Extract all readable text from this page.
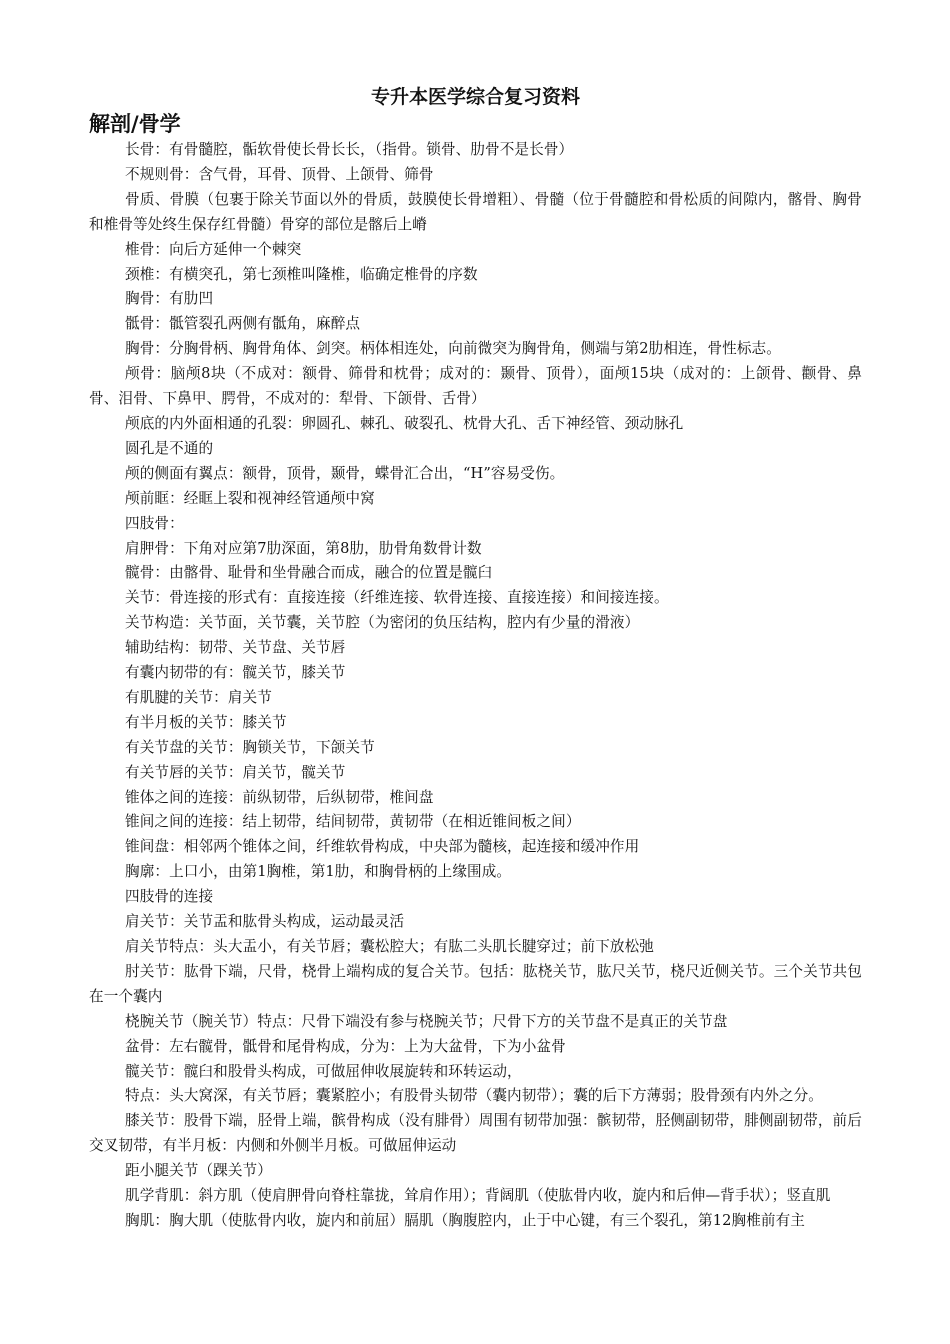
专升本医学综合复习资料
解剖/骨学

长骨：有骨髓腔，骺软骨使长骨长长，（指骨。锁骨、肋骨不是长骨）

不规则骨：含气骨，耳骨、顶骨、上颌骨、筛骨

骨质、骨膜（包裹于除关节面以外的骨质，鼓膜使长骨增粗）、骨髓（位于骨髓腔和骨松质的间隙内，髂骨、胸骨和椎骨等处终生保存红骨髓）骨穿的部位是髂后上嵴

椎骨：向后方延伸一个棘突

颈椎：有横突孔，第七颈椎叫隆椎，临确定椎骨的序数

胸骨：有肋凹

骶骨：骶管裂孔两侧有骶角，麻醉点

胸骨：分胸骨柄、胸骨角体、剑突。柄体相连处，向前微突为胸骨角，侧端与第2肋相连，骨性标志。

颅骨：脑颅8块（不成对：额骨、筛骨和枕骨；成对的：颞骨、顶骨），面颅15块（成对的：上颌骨、颧骨、鼻骨、泪骨、下鼻甲、腭骨，不成对的：犁骨、下颌骨、舌骨）

颅底的内外面相通的孔裂：卵圆孔、棘孔、破裂孔、枕骨大孔、舌下神经管、颈动脉孔

圆孔是不通的

颅的侧面有翼点：额骨，顶骨，颞骨，蝶骨汇合出，“H”容易受伤。

颅前眶：经眶上裂和视神经管通颅中窝

四肢骨：

肩胛骨：下角对应第7肋深面，第8肋，肋骨角数骨计数

髋骨：由髂骨、耻骨和坐骨融合而成，融合的位置是髋臼

关节：骨连接的形式有：直接连接（纤维连接、软骨连接、直接连接）和间接连接。

关节构造：关节面，关节囊，关节腔（为密闭的负压结构，腔内有少量的滑液）

辅助结构：韧带、关节盘、关节唇

有囊内韧带的有：髋关节，膝关节

有肌腱的关节：肩关节

有半月板的关节：膝关节

有关节盘的关节：胸锁关节，下颌关节

有关节唇的关节：肩关节，髋关节

锥体之间的连接：前纵韧带，后纵韧带，椎间盘

锥间之间的连接：结上韧带，结间韧带，黄韧带（在相近锥间板之间）

锥间盘：相邻两个锥体之间，纤维软骨构成，中央部为髓核，起连接和缓冲作用

胸廓：上口小，由第1胸椎，第1肋，和胸骨柄的上缘围成。

四肢骨的连接

肩关节：关节盂和肱骨头构成，运动最灵活

肩关节特点：头大盂小，有关节唇；囊松腔大；有肱二头肌长腱穿过；前下放松弛

肘关节：肱骨下端，尺骨，桡骨上端构成的复合关节。包括：肱桡关节，肱尺关节，桡尺近侧关节。三个关节共包在一个囊内

桡腕关节（腕关节）特点：尺骨下端没有参与桡腕关节；尺骨下方的关节盘不是真正的关节盘

盆骨：左右髋骨，骶骨和尾骨构成，分为：上为大盆骨，下为小盆骨

髋关节：髋臼和股骨头构成，可做屈伸收展旋转和环转运动，

特点：头大窝深，有关节唇；囊紧腔小；有股骨头韧带（囊内韧带）；囊的后下方薄弱；股骨颈有内外之分。

膝关节：股骨下端，胫骨上端，髌骨构成（没有腓骨）周围有韧带加强：髌韧带，胫侧副韧带，腓侧副韧带，前后交叉韧带，有半月板：内侧和外侧半月板。可做屈伸运动

距小腿关节（踝关节）

肌学背肌：斜方肌（使肩胛骨向脊柱靠拢，耸肩作用）；背阔肌（使肱骨内收，旋内和后伸—背手状）；竖直肌

胸肌：胸大肌（使肱骨内收，旋内和前屈）膈肌（胸腹腔内，止于中心键，有三个裂孔，第12胸椎前有主
